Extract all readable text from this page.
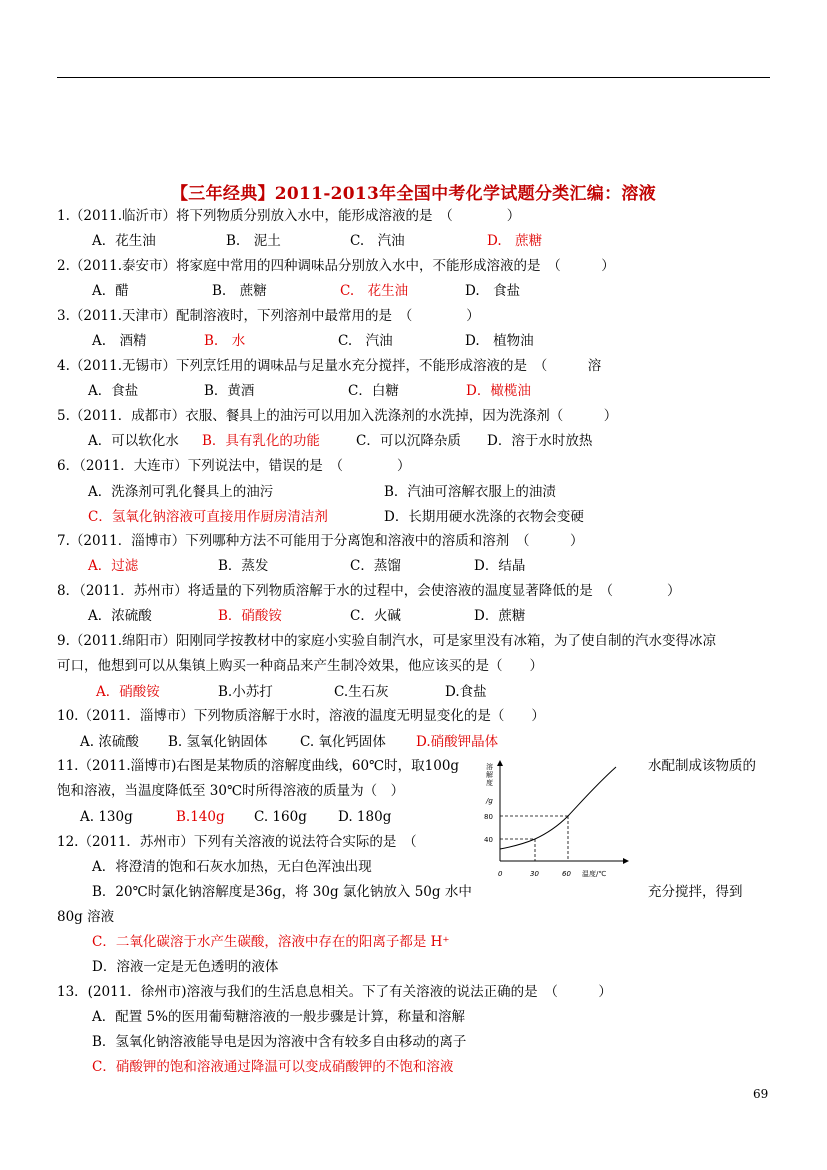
【三年经典】2011-2013年全国中考化学试题分类汇编：溶液
1.（2011.临沂市）将下列物质分别放入水中，能形成溶液的是　（　　　　）
A．花生油	B.　泥土	C.　汽油	D.　蔗糖
2.（2011.泰安市）将家庭中常用的四种调味品分别放入水中，不能形成溶液的是　（　　　）
A．醋	B.　蔗糖	C.　花生油	D.　食盐
3.（2011.天津市）配制溶液时，下列溶剂中最常用的是　（　　　　）
A.　酒精	B.　水	C.　汽油	D.　植物油
4.（2011.无锡市）下列烹饪用的调味品与足量水充分搅拌，不能形成溶液的是　（　　　溶
A．食盐	B．黄酒	C．白糖	D．橄榄油
5.（2011．成都市）衣服、餐具上的油污可以用加入洗涤剂的水洗掉，因为洗涤剂（　　　）
A．可以软化水 B．具有乳化的功能	C．可以沉降杂质 D．溶于水时放热
6．（2011．大连市）下列说法中，错误的是　（　　　　）
A．洗涤剂可乳化餐具上的油污	B．汽油可溶解衣服上的油渍
C．氢氧化钠溶液可直接用作厨房清洁剂	D．长期用硬水洗涤的衣物会变硬
7.（2011．淄博市）下列哪种方法不可能用于分离饱和溶液中的溶质和溶剂　（　　　）
A．过滤	B．蒸发	C．蒸馏	D．结晶
8．（2011．苏州市）将适量的下列物质溶解于水的过程中，会使溶液的温度显著降低的是　（　　　　）
A．浓硫酸	B．硝酸铵	C．火碱	D．蔗糖
9.（2011.绵阳市）阳刚同学按教材中的家庭小实验自制汽水，可是家里没有冰箱，为了使自制的汽水变得冰凉
可口，他想到可以从集镇上购买一种商品来产生制冷效果，他应该买的是（　　）
A．硝酸铵	B.小苏打	C.生石灰	D.食盐
10.（2011．淄博市）下列物质溶解于水时，溶液的温度无明显变化的是（　　）
A. 浓硫酸 B. 氢氧化钠固体 C. 氧化钙固体 D.硝酸钾晶体
11.（2011.淄博市)右图是某物质的溶解度曲线，60℃时，取100g	水配制成该物质的
饱和溶液，当温度降低至 30℃时所得溶液的质量为（　）
A. 130g	B.140g C. 160g D. 180g
溶
解
度
/g
80
40
0	30	60 温度/℃
12.（2011．苏州市）下列有关溶液的说法符合实际的是　（
A．将澄清的饱和石灰水加热，无白色浑浊出现
B．20℃时氯化钠溶解度是36g，将 30g 氯化钠放入 50g 水中	充分搅拌，得到
80g 溶液
C．二氧化碳溶于水产生碳酸，溶液中存在的阳离子都是 H⁺
D．溶液一定是无色透明的液体
13．(2011．徐州市)溶液与我们的生活息息相关。下了有关溶液的说法正确的是　（　　　）
A．配置 5%的医用葡萄糖溶液的一般步骤是计算，称量和溶解
B．氢氧化钠溶液能导电是因为溶液中含有较多自由移动的离子
C．硝酸钾的饱和溶液通过降温可以变成硝酸钾的不饱和溶液
69
